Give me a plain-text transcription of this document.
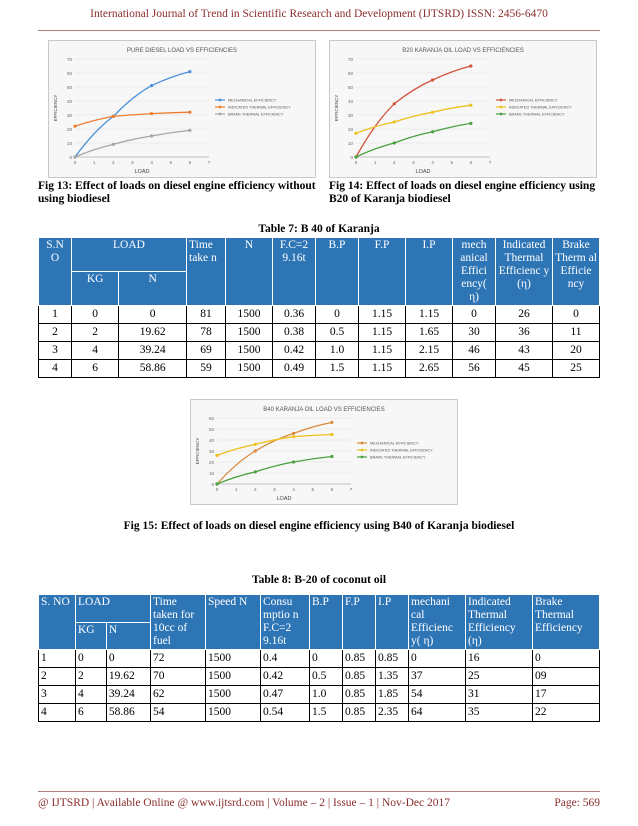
International Journal of Trend in Scientific Research and Development (IJTSRD) ISSN: 2456-6470
PURE DIESEL LOAD VS EFFICIENCIES
0
10
20
30
40
50
60
70
0	1	2	3	4	5	6	7
LOAD
EFFICIENCY	MECHANICAL EFFICIENCY
INDICATED THERMAL EFFICIENCY
BRAKE THERMAL EFFICIENCY
B20 KARANJA OIL LOAD VS EFFICIENCIES
0
10
20
30
40
50
60
70
0	1	2	3	4	5	6	7
LOAD
EFFICIENCY	MECHANICAL EFFICIENCY
INDICATED THERMAL EFFICIENCY
BRAKE THERMAL EFFICIENCY
Fig 13: Effect of loads on diesel engine efficiency without using biodiesel
Fig 14: Effect of loads on diesel engine efficiency using B20 of Karanja biodiesel
Table 7: B 40 of Karanja
S.N O	LOAD		Time take n	N	F.C=2 9.16t	B.P	F.P	I.P	mech anical Effici ency( η)	Indicated Thermal Efficienc y (η)	Brake Therm al Efficie ncy
	KG	N									
1	0	0	81	1500	0.36	0	1.15	1.15	0	26	0
2	2	19.62	78	1500	0.38	0.5	1.15	1.65	30	36	11
3	4	39.24	69	1500	0.42	1.0	1.15	2.15	46	43	20
4	6	58.86	59	1500	0.49	1.5	1.15	2.65	56	45	25
B40 KARANJA OIL LOAD VS EFFICIENCIES
0
10
20
30
40
50
60
0	1	2	3	4	5	6	7
LOAD
EFFICIENCY	MECHANICAL EFFICIENCY
INDICATED THERMAL EFFICIENCY
BRAKE THERMAL EFFICIENCY
Fig 15: Effect of loads on diesel engine efficiency using B40 of Karanja biodiesel
Table 8: B-20 of coconut oil
S. NO	LOAD		Time taken for 10cc of fuel	Speed N	Consu mptio n F.C=2 9.16t	B.P	F.P	I.P	mechani cal Efficienc y( η)	Indicated Thermal Efficiency (η)	Brake Thermal Efficiency
	KG	N									
1	0	0	72	1500	0.4	0	0.85	0.85	0	16	0
2	2	19.62	70	1500	0.42	0.5	0.85	1.35	37	25	09
3	4	39.24	62	1500	0.47	1.0	0.85	1.85	54	31	17
4	6	58.86	54	1500	0.54	1.5	0.85	2.35	64	35	22
@ IJTSRD | Available Online @ www.ijtsrd.com | Volume – 2 | Issue – 1 | Nov-Dec 2017	Page: 569
